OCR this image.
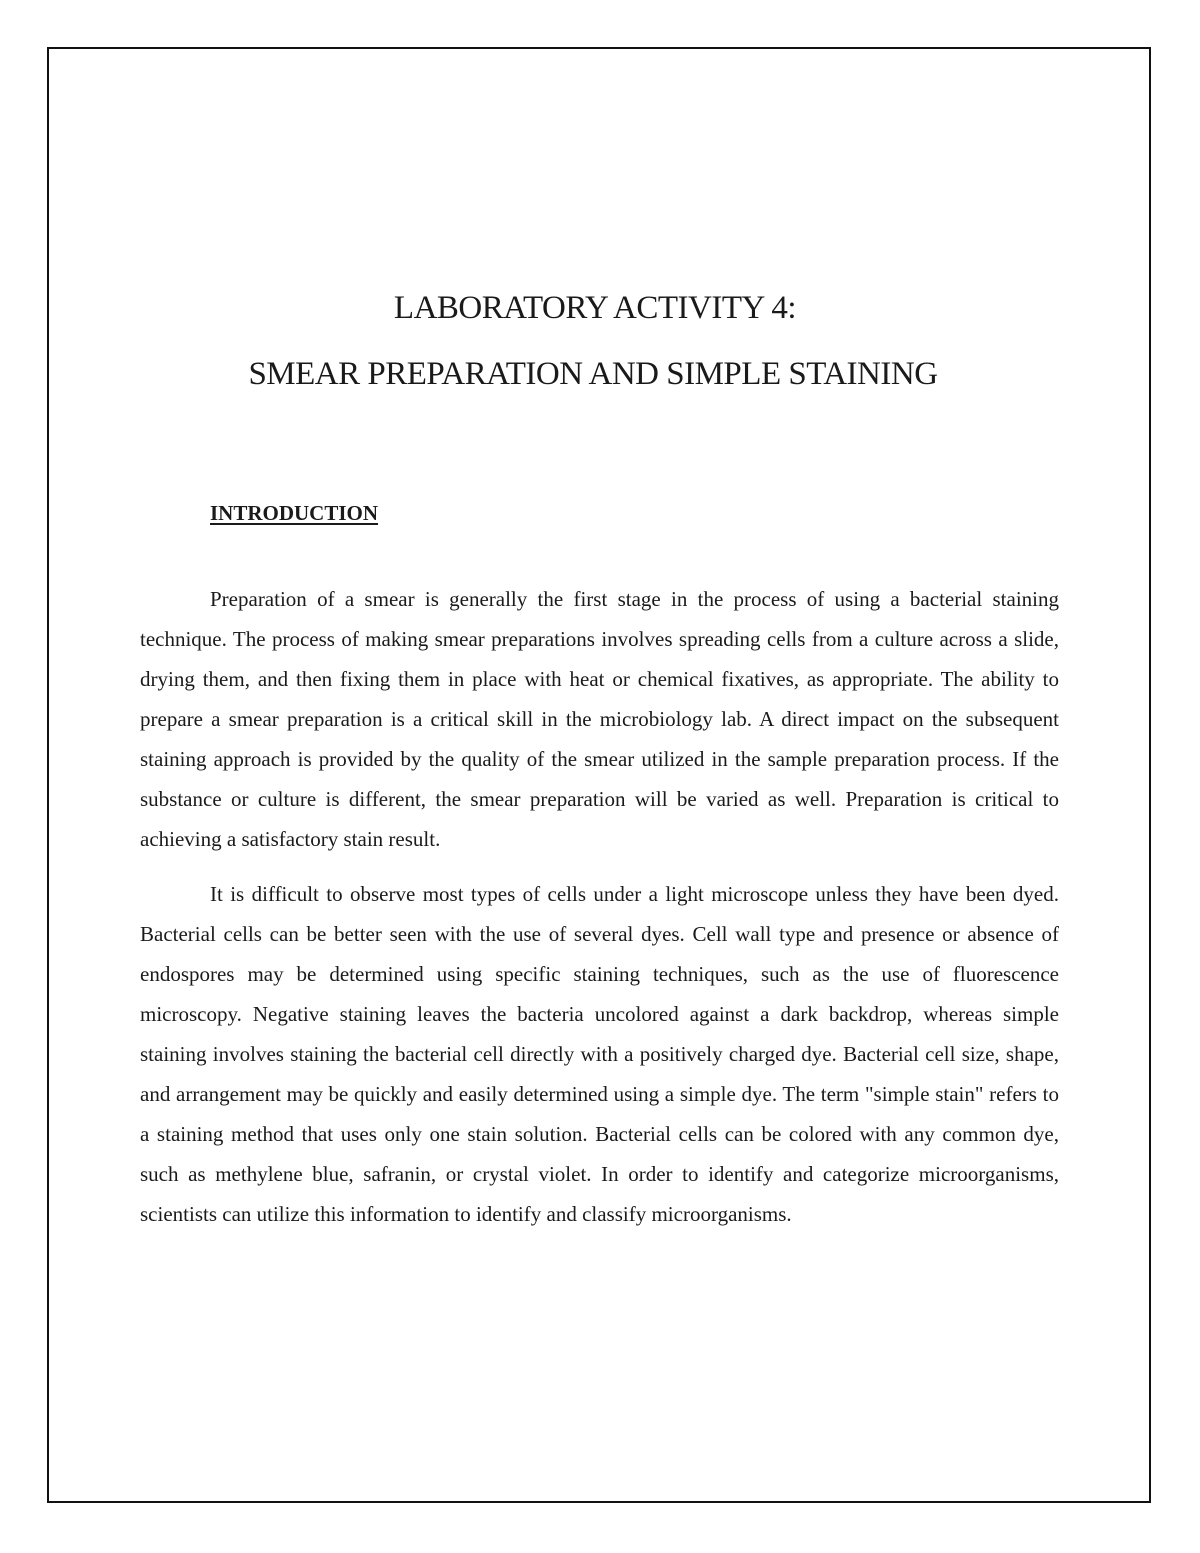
LABORATORY ACTIVITY 4:
SMEAR PREPARATION AND SIMPLE STAINING
INTRODUCTION

Preparation of a smear is generally the first stage in the process of using a bacterial staining technique. The process of making smear preparations involves spreading cells from a culture across a slide, drying them, and then fixing them in place with heat or chemical fixatives, as appropriate. The ability to prepare a smear preparation is a critical skill in the microbiology lab. A direct impact on the subsequent staining approach is provided by the quality of the smear utilized in the sample preparation process. If the substance or culture is different, the smear preparation will be varied as well. Preparation is critical to achieving a satisfactory stain result.

It is difficult to observe most types of cells under a light microscope unless they have been dyed. Bacterial cells can be better seen with the use of several dyes. Cell wall type and presence or absence of endospores may be determined using specific staining techniques, such as the use of fluorescence microscopy. Negative staining leaves the bacteria uncolored against a dark backdrop, whereas simple staining involves staining the bacterial cell directly with a positively charged dye. Bacterial cell size, shape, and arrangement may be quickly and easily determined using a simple dye. The term "simple stain" refers to a staining method that uses only one stain solution. Bacterial cells can be colored with any common dye, such as methylene blue, safranin, or crystal violet. In order to identify and categorize microorganisms, scientists can utilize this information to identify and classify microorganisms.
